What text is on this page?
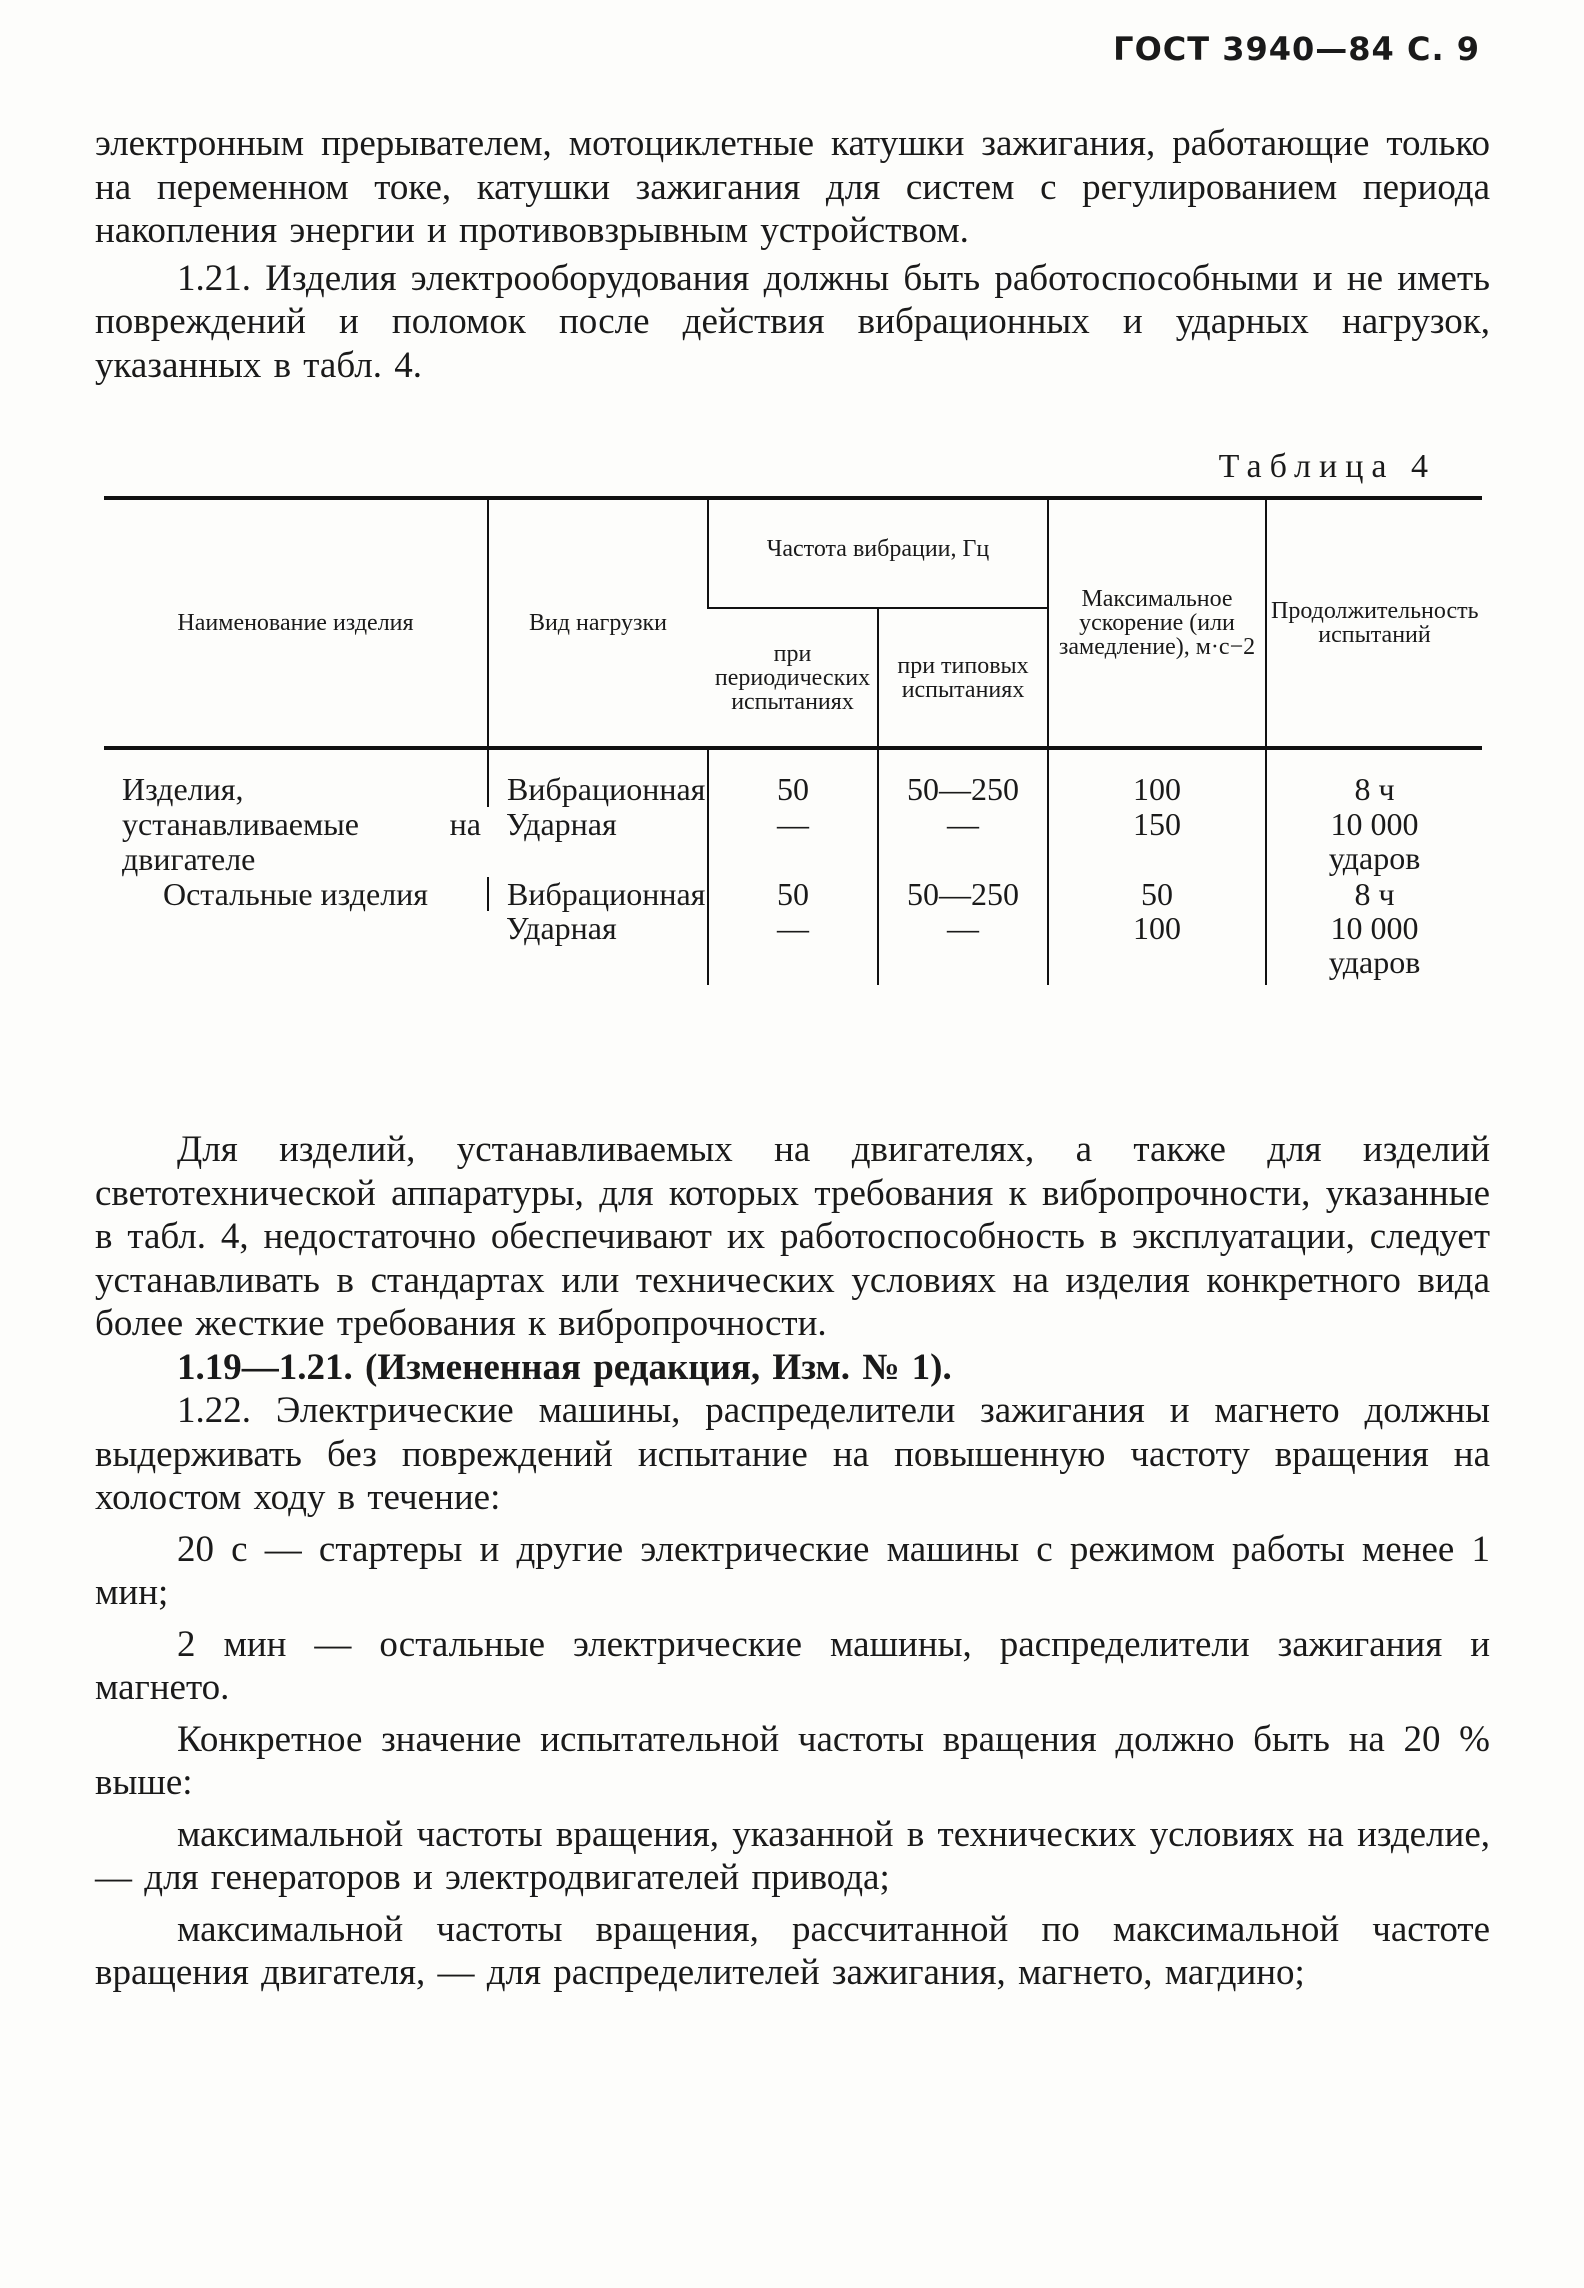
ГОСТ 3940—84 С. 9

электронным прерывателем, мотоциклетные катушки зажигания, работающие только на переменном токе, катушки зажигания для систем с регулированием периода накопления энергии и противовзрывным устройством.

1.21. Изделия электрооборудования должны быть работоспособными и не иметь повреждений и поломок после действия вибрационных и ударных нагрузок, указанных в табл. 4.

Таблица 4
Наименование изделия	Вид нагрузки	Частота вибрации, Гц		Максимальное ускорение (или замедление), м·с−2	Продолжительность испытаний
		при периодических испытаниях	при типовых испытаниях		
Изделия, устанавливаемые на двигателе	Вибрационная	50	50—250	100	8 ч
	Ударная	—	—	150	10 000 ударов
Остальные изделия	Вибрационная	50	50—250	50	8 ч
	Ударная	—	—	100	10 000 ударов

Для изделий, устанавливаемых на двигателях, а также для изделий светотехнической аппаратуры, для которых требования к вибропрочности, указанные в табл. 4, недостаточно обеспечивают их работоспособность в эксплуатации, следует устанавливать в стандартах или технических условиях на изделия конкретного вида более жесткие требования к вибропрочности.

1.19—1.21. (Измененная редакция, Изм. № 1).

1.22. Электрические машины, распределители зажигания и магнето должны выдерживать без повреждений испытание на повышенную частоту вращения на холостом ходу в течение:

20 с — стартеры и другие электрические машины с режимом работы менее 1 мин;

2 мин — остальные электрические машины, распределители зажигания и магнето.

Конкретное значение испытательной частоты вращения должно быть на 20 % выше:

максимальной частоты вращения, указанной в технических условиях на изделие, — для генераторов и электродвигателей привода;

максимальной частоты вращения, рассчитанной по максимальной частоте вращения двигателя, — для распределителей зажигания, магнето, магдино;
